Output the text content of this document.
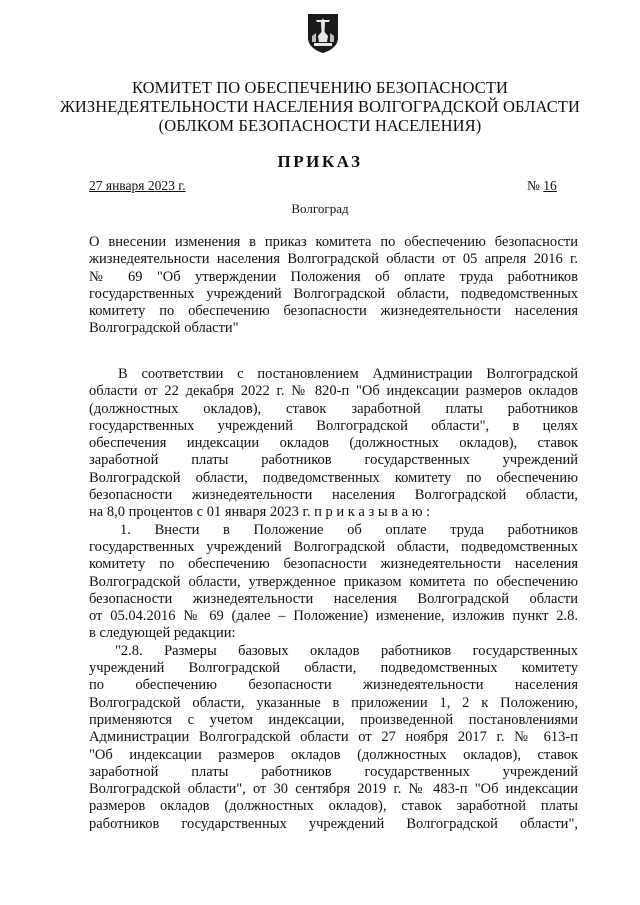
КОМИТЕТ ПО ОБЕСПЕЧЕНИЮ БЕЗОПАСНОСТИ
ЖИЗНЕДЕЯТЕЛЬНОСТИ НАСЕЛЕНИЯ ВОЛГОГРАДСКОЙ ОБЛАСТИ
(ОБЛКОМ БЕЗОПАСНОСТИ НАСЕЛЕНИЯ)
ПРИКАЗ
27 января 2023 г.	№ 16
Волгоград
О внесении изменения в приказ комитета по обеспечению безопасности
жизнедеятельности населения Волгоградской области от 05 апреля 2016 г.
№ 69 "Об утверждении Положения об оплате труда работников
государственных учреждений Волгоградской области, подведомственных
комитету по обеспечению безопасности жизнедеятельности населения
Волгоградской области"
В соответствии с постановлением Администрации Волгоградской
области от 22 декабря 2022 г. № 820-п "Об индексации размеров окладов
(должностных окладов), ставок заработной платы работников
государственных учреждений Волгоградской области", в целях
обеспечения индексации окладов (должностных окладов), ставок
заработной платы работников государственных учреждений
Волгоградской области, подведомственных комитету по обеспечению
безопасности жизнедеятельности населения Волгоградской области,
на 8,0 процентов с 01 января 2023 г. п р и к а з ы в а ю :
1. Внести в Положение об оплате труда работников
государственных учреждений Волгоградской области, подведомственных
комитету по обеспечению безопасности жизнедеятельности населения
Волгоградской области, утвержденное приказом комитета по обеспечению
безопасности жизнедеятельности населения Волгоградской области
от 05.04.2016 № 69 (далее – Положение) изменение, изложив пункт 2.8.
в следующей редакции:
"2.8. Размеры базовых окладов работников государственных
учреждений Волгоградской области, подведомственных комитету
по обеспечению безопасности жизнедеятельности населения
Волгоградской области, указанные в приложении 1, 2 к Положению,
применяются с учетом индексации, произведенной постановлениями
Администрации Волгоградской области от 27 ноября 2017 г. № 613-п
"Об индексации размеров окладов (должностных окладов), ставок
заработной платы работников государственных учреждений
Волгоградской области", от 30 сентября 2019 г. № 483-п "Об индексации
размеров окладов (должностных окладов), ставок заработной платы
работников государственных учреждений Волгоградской области",
